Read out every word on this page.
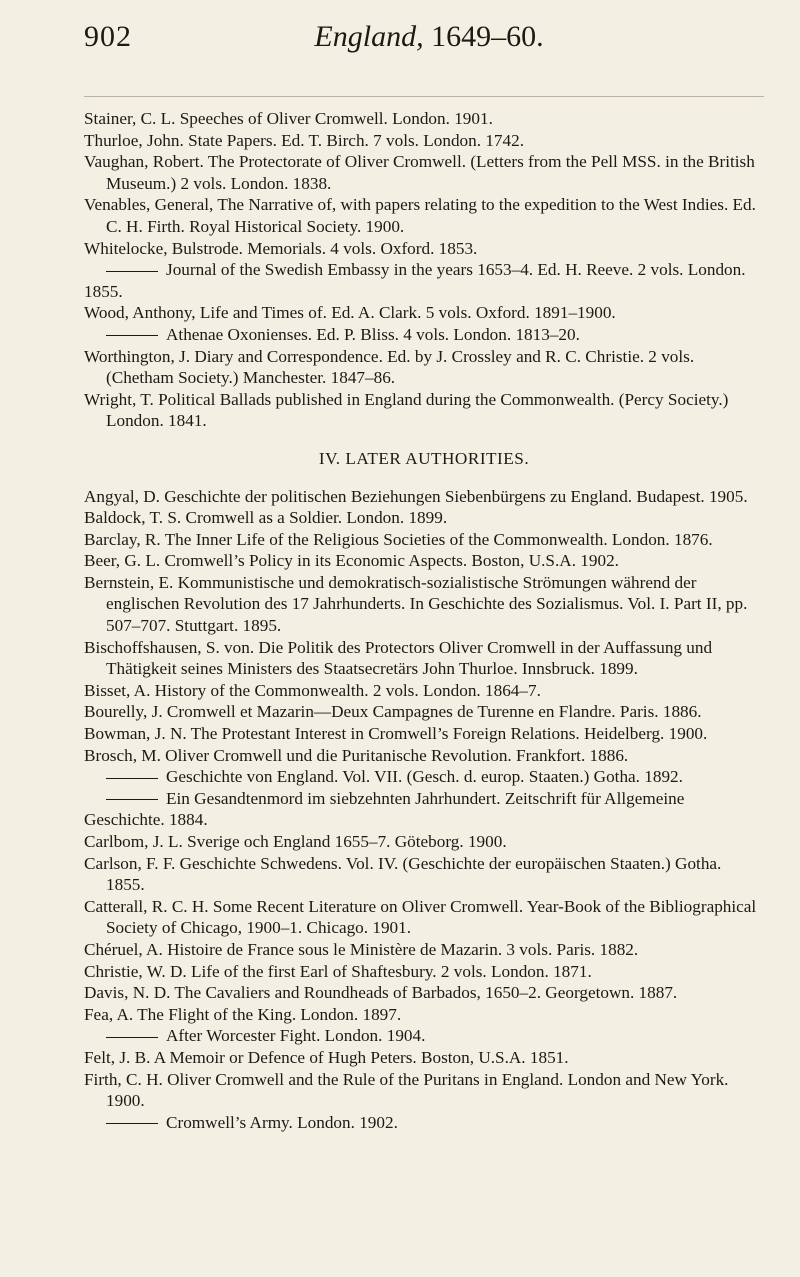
902	England, 1649–60.

Stainer, C. L. Speeches of Oliver Cromwell. London. 1901.

Thurloe, John. State Papers. Ed. T. Birch. 7 vols. London. 1742.

Vaughan, Robert. The Protectorate of Oliver Cromwell. (Letters from the Pell MSS. in the British Museum.) 2 vols. London. 1838.

Venables, General, The Narrative of, with papers relating to the expedition to the West Indies. Ed. C. H. Firth. Royal Historical Society. 1900.

Whitelocke, Bulstrode. Memorials. 4 vols. Oxford. 1853.

Journal of the Swedish Embassy in the years 1653–4. Ed. H. Reeve. 2 vols. London. 1855.

Wood, Anthony, Life and Times of. Ed. A. Clark. 5 vols. Oxford. 1891–1900.

Athenae Oxonienses. Ed. P. Bliss. 4 vols. London. 1813–20.

Worthington, J. Diary and Correspondence. Ed. by J. Crossley and R. C. Christie. 2 vols. (Chetham Society.) Manchester. 1847–86.

Wright, T. Political Ballads published in England during the Commonwealth. (Percy Society.) London. 1841.

IV. LATER AUTHORITIES.

Angyal, D. Geschichte der politischen Beziehungen Siebenbürgens zu England. Budapest. 1905.

Baldock, T. S. Cromwell as a Soldier. London. 1899.

Barclay, R. The Inner Life of the Religious Societies of the Commonwealth. London. 1876.

Beer, G. L. Cromwell’s Policy in its Economic Aspects. Boston, U.S.A. 1902.

Bernstein, E. Kommunistische und demokratisch-sozialistische Strömungen während der englischen Revolution des 17 Jahrhunderts. In Geschichte des Sozialismus. Vol. I. Part II, pp. 507–707. Stuttgart. 1895.

Bischoffshausen, S. von. Die Politik des Protectors Oliver Cromwell in der Auffassung und Thätigkeit seines Ministers des Staatsecretärs John Thurloe. Innsbruck. 1899.

Bisset, A. History of the Commonwealth. 2 vols. London. 1864–7.

Bourelly, J. Cromwell et Mazarin—Deux Campagnes de Turenne en Flandre. Paris. 1886.

Bowman, J. N. The Protestant Interest in Cromwell’s Foreign Relations. Heidelberg. 1900.

Brosch, M. Oliver Cromwell und die Puritanische Revolution. Frankfort. 1886.

Geschichte von England. Vol. VII. (Gesch. d. europ. Staaten.) Gotha. 1892.

Ein Gesandtenmord im siebzehnten Jahrhundert. Zeitschrift für Allgemeine Geschichte. 1884.

Carlbom, J. L. Sverige och England 1655–7. Göteborg. 1900.

Carlson, F. F. Geschichte Schwedens. Vol. IV. (Geschichte der europäischen Staaten.) Gotha. 1855.

Catterall, R. C. H. Some Recent Literature on Oliver Cromwell. Year-Book of the Bibliographical Society of Chicago, 1900–1. Chicago. 1901.

Chéruel, A. Histoire de France sous le Ministère de Mazarin. 3 vols. Paris. 1882.

Christie, W. D. Life of the first Earl of Shaftesbury. 2 vols. London. 1871.

Davis, N. D. The Cavaliers and Roundheads of Barbados, 1650–2. Georgetown. 1887.

Fea, A. The Flight of the King. London. 1897.

After Worcester Fight. London. 1904.

Felt, J. B. A Memoir or Defence of Hugh Peters. Boston, U.S.A. 1851.

Firth, C. H. Oliver Cromwell and the Rule of the Puritans in England. London and New York. 1900.

Cromwell’s Army. London. 1902.
